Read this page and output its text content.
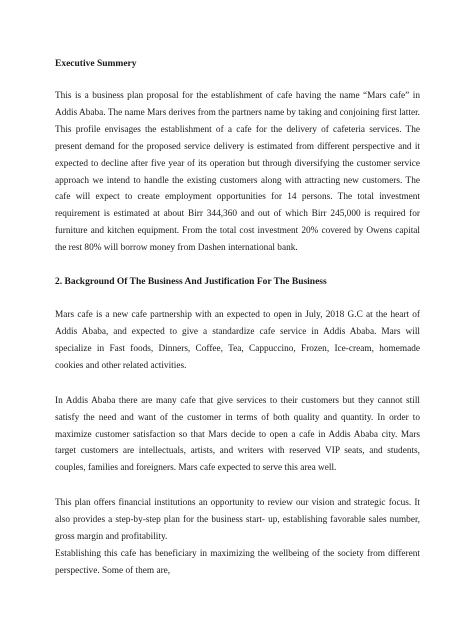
Executive Summery

This is a business plan proposal for the establishment of cafe having the name “Mars cafe” in Addis Ababa. The name Mars derives from the partners name by taking and conjoining first latter. This profile envisages the establishment of a cafe for the delivery of cafeteria services. The present demand for the proposed service delivery is estimated from different perspective and it expected to decline after five year of its operation but through diversifying the customer service approach we intend to handle the existing customers along with attracting new customers. The cafe will expect to create employment opportunities for 14 persons. The total investment requirement is estimated at about Birr 344,360 and out of which Birr 245,000 is required for furniture and kitchen equipment. From the total cost investment 20% covered by Owens capital the rest 80% will borrow money from Dashen international bank.

2. Background Of The Business And Justification For The Business

Mars cafe is a new cafe partnership with an expected to open in July, 2018 G.C at the heart of Addis Ababa, and expected to give a standardize cafe service in Addis Ababa. Mars will specialize in Fast foods, Dinners, Coffee, Tea, Cappuccino, Frozen, Ice-cream, homemade cookies and other related activities.

In Addis Ababa there are many cafe that give services to their customers but they cannot still satisfy the need and want of the customer in terms of both quality and quantity. In order to maximize customer satisfaction so that Mars decide to open a cafe in Addis Ababa city. Mars target customers are intellectuals, artists, and writers with reserved VIP seats, and students, couples, families and foreigners. Mars cafe expected to serve this area well.

This plan offers financial institutions an opportunity to review our vision and strategic focus. It also provides a step-by-step plan for the business start- up, establishing favorable sales number, gross margin and profitability.

Establishing this cafe has beneficiary in maximizing the wellbeing of the society from different perspective. Some of them are,
